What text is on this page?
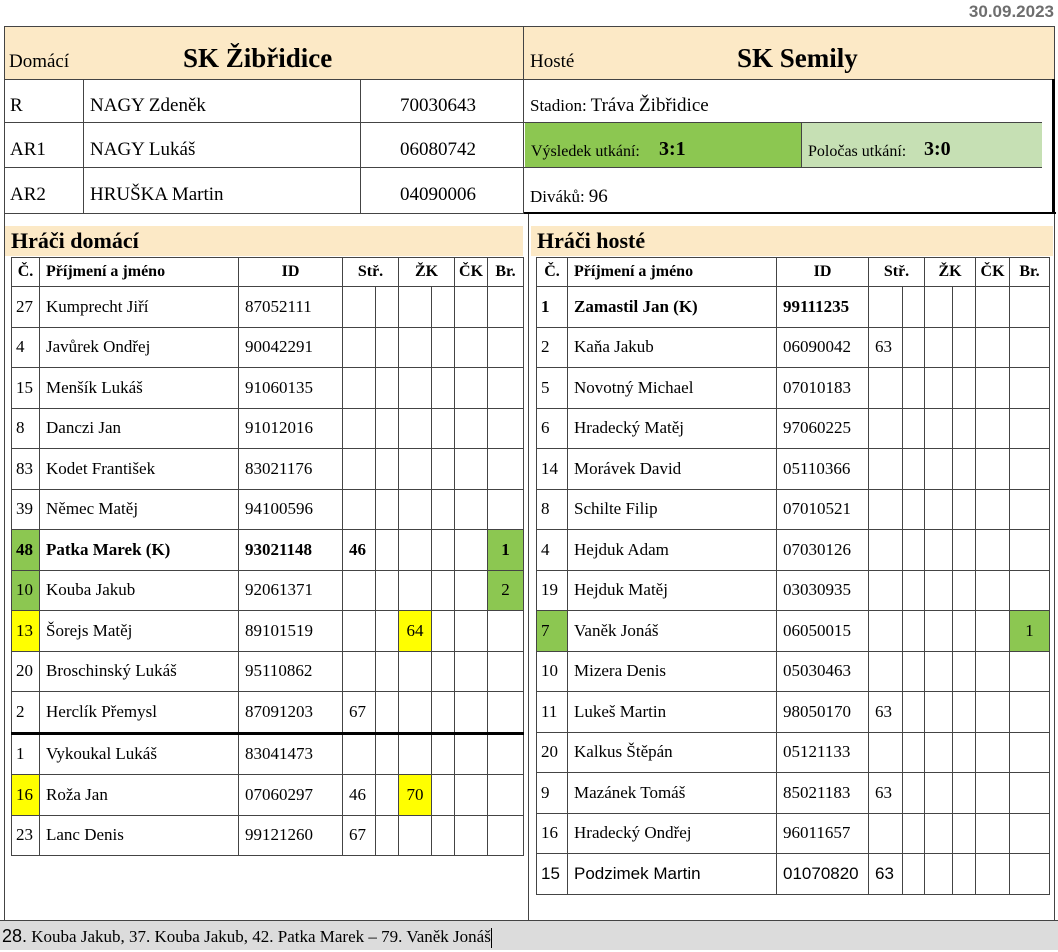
30.09.2023
Domácí	SK Žibřidice	Hosté	SK Semily
R	NAGY Zdeněk	70030643
AR1 NAGY Lukáš	06080742
AR2 HRUŠKA Martin	04090006
Stadion: Tráva Žibřidice
Výsledek utkání: 3:1	Poločas utkání: 3:0
Diváků: 96
Hráči domácí	Hráči hosté
Č.	Příjmení a jméno	ID	Stř.		ŽK		ČK	Br.
27	Kumprecht Jiří	87052111						
4	Javůrek Ondřej	90042291						
15	Menšík Lukáš	91060135						
8	Danczi Jan	91012016						
83	Kodet František	83021176						
39	Němec Matěj	94100596						
48	Patka Marek (K)	93021148	46					1
10	Kouba Jakub	92061371						2
13	Šorejs Matěj	89101519			64			
20	Broschinský Lukáš	95110862						
2	Herclík Přemysl	87091203	67					
1	Vykoukal Lukáš	83041473						
16	Roža Jan	07060297	46		70			
23	Lanc Denis	99121260	67					
Č.	Příjmení a jméno	ID	Stř.		ŽK		ČK	Br.
1	Zamastil Jan (K)	99111235						
2	Kaňa Jakub	06090042	63					
5	Novotný Michael	07010183						
6	Hradecký Matěj	97060225						
14	Morávek David	05110366						
8	Schilte Filip	07010521						
4	Hejduk Adam	07030126						
19	Hejduk Matěj	03030935						
7	Vaněk Jonáš	06050015						1
10	Mizera Denis	05030463						
11	Lukeš Martin	98050170	63					
20	Kalkus Štěpán	05121133						
9	Mazánek Tomáš	85021183	63					
16	Hradecký Ondřej	96011657						
15	Podzimek Martin	01070820	63					
28. Kouba Jakub, 37. Kouba Jakub, 42. Patka Marek – 79. Vaněk Jonáš
